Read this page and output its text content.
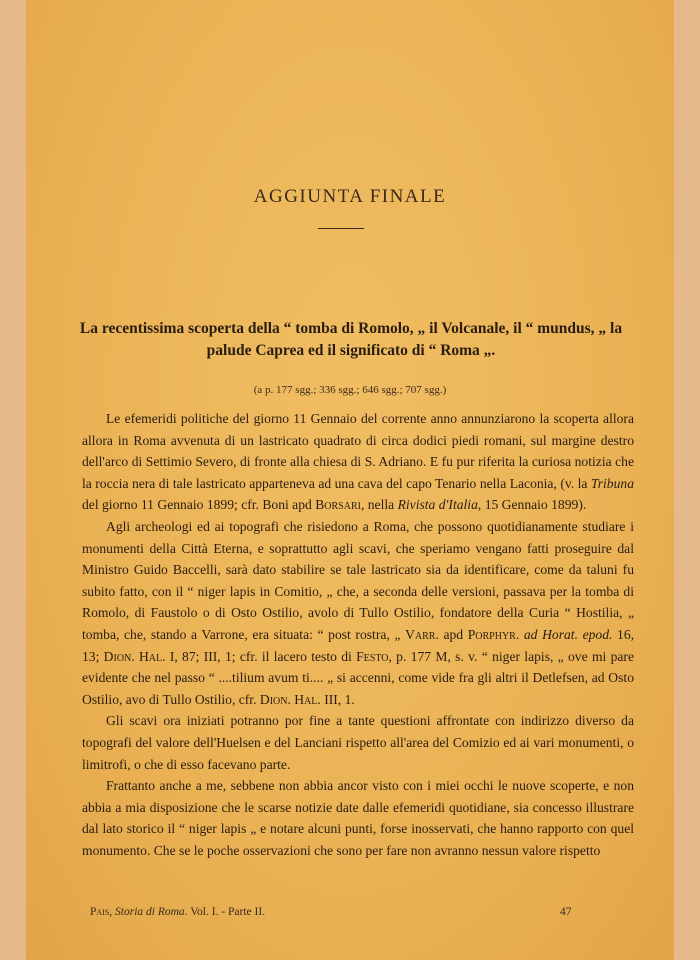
AGGIUNTA FINALE
La recentissima scoperta della “ tomba di Romolo, „ il Volcanale, il “ mundus, „ la palude Caprea ed il significato di “ Roma „.
(a p. 177 sgg.; 336 sgg.; 646 sgg.; 707 sgg.)

Le efemeridi politiche del giorno 11 Gennaio del corrente anno annunziarono la scoperta allora allora in Roma avvenuta di un lastricato quadrato di circa dodici piedi romani, sul margine destro dell'arco di Settimio Severo, di fronte alla chiesa di S. Adriano. E fu pur riferita la curiosa notizia che la roccia nera di tale lastricato apparteneva ad una cava del capo Tenario nella Laconia, (v. la Tribuna del giorno 11 Gennaio 1899; cfr. Boni apd Borsari, nella Rivista d'Italia, 15 Gennaio 1899).

Agli archeologi ed ai topografi che risiedono a Roma, che possono quotidianamente studiare i monumenti della Città Eterna, e soprattutto agli scavi, che speriamo vengano fatti proseguire dal Ministro Guido Baccelli, sarà dato stabilire se tale lastricato sia da identificare, come da taluni fu subito fatto, con il “ niger lapis in Comitio, „ che, a seconda delle versioni, passava per la tomba di Romolo, di Faustolo o di Osto Ostilio, avolo di Tullo Ostilio, fondatore della Curia “ Hostilia, „ tomba, che, stando a Varrone, era situata: “ post rostra, „ Varr. apd Porphyr. ad Horat. epod. 16, 13; Dion. Hal. I, 87; III, 1; cfr. il lacero testo di Festo, p. 177 M, s. v. “ niger lapis, „ ove mi pare evidente che nel passo “ ....tilium avum ti.... „ si accenni, come vide fra gli altri il Detlefsen, ad Osto Ostilio, avo di Tullo Ostilio, cfr. Dion. Hal. III, 1.

Gli scavi ora iniziati potranno por fine a tante questioni affrontate con indirizzo diverso da topografi del valore dell'Huelsen e del Lanciani rispetto all'area del Comizio ed ai vari monumenti, o limitrofi, o che di esso facevano parte.

Frattanto anche a me, sebbene non abbia ancor visto con i miei occhi le nuove scoperte, e non abbia a mia disposizione che le scarse notizie date dalle efemeridi quotidiane, sia concesso illustrare dal lato storico il “ niger lapis „ e notare alcuni punti, forse inosservati, che hanno rapporto con quel monumento. Che se le poche osservazioni che sono per fare non avranno nessun valore rispetto

Pais, Storia di Roma. Vol. I. - Parte II.	47
